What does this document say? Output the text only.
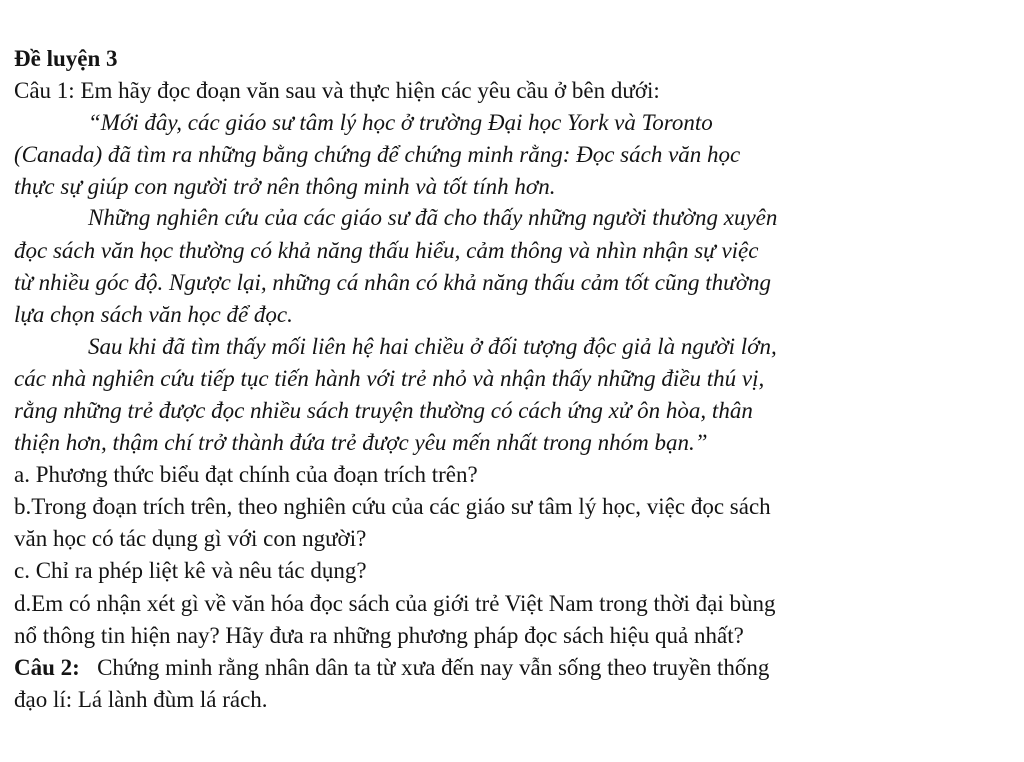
Đề luyện 3
Câu 1: Em hãy đọc đoạn văn sau và thực hiện các yêu cầu ở bên dưới:
“Mới đây, các giáo sư tâm lý học ở trường Đại học York và Toronto
(Canada) đã tìm ra những bằng chứng để chứng minh rằng: Đọc sách văn học
thực sự giúp con người trở nên thông minh và tốt tính hơn.
Những nghiên cứu của các giáo sư đã cho thấy những người thường xuyên
đọc sách văn học thường có khả năng thấu hiểu, cảm thông và nhìn nhận sự việc
từ nhiều góc độ. Ngược lại, những cá nhân có khả năng thấu cảm tốt cũng thường
lựa chọn sách văn học để đọc.
Sau khi đã tìm thấy mối liên hệ hai chiều ở đối tượng độc giả là người lớn,
các nhà nghiên cứu tiếp tục tiến hành với trẻ nhỏ và nhận thấy những điều thú vị,
rằng những trẻ được đọc nhiều sách truyện thường có cách ứng xử ôn hòa, thân
thiện hơn, thậm chí trở thành đứa trẻ được yêu mến nhất trong nhóm bạn.”
a. Phương thức biểu đạt chính của đoạn trích trên?
b.Trong đoạn trích trên, theo nghiên cứu của các giáo sư tâm lý học, việc đọc sách
văn học có tác dụng gì với con người?
c. Chỉ ra phép liệt kê và nêu tác dụng?
d.Em có nhận xét gì về văn hóa đọc sách của giới trẻ Việt Nam trong thời đại bùng
nổ thông tin hiện nay? Hãy đưa ra những phương pháp đọc sách hiệu quả nhất?
Câu 2: Chứng minh rằng nhân dân ta từ xưa đến nay vẫn sống theo truyền thống
đạo lí: Lá lành đùm lá rách.
